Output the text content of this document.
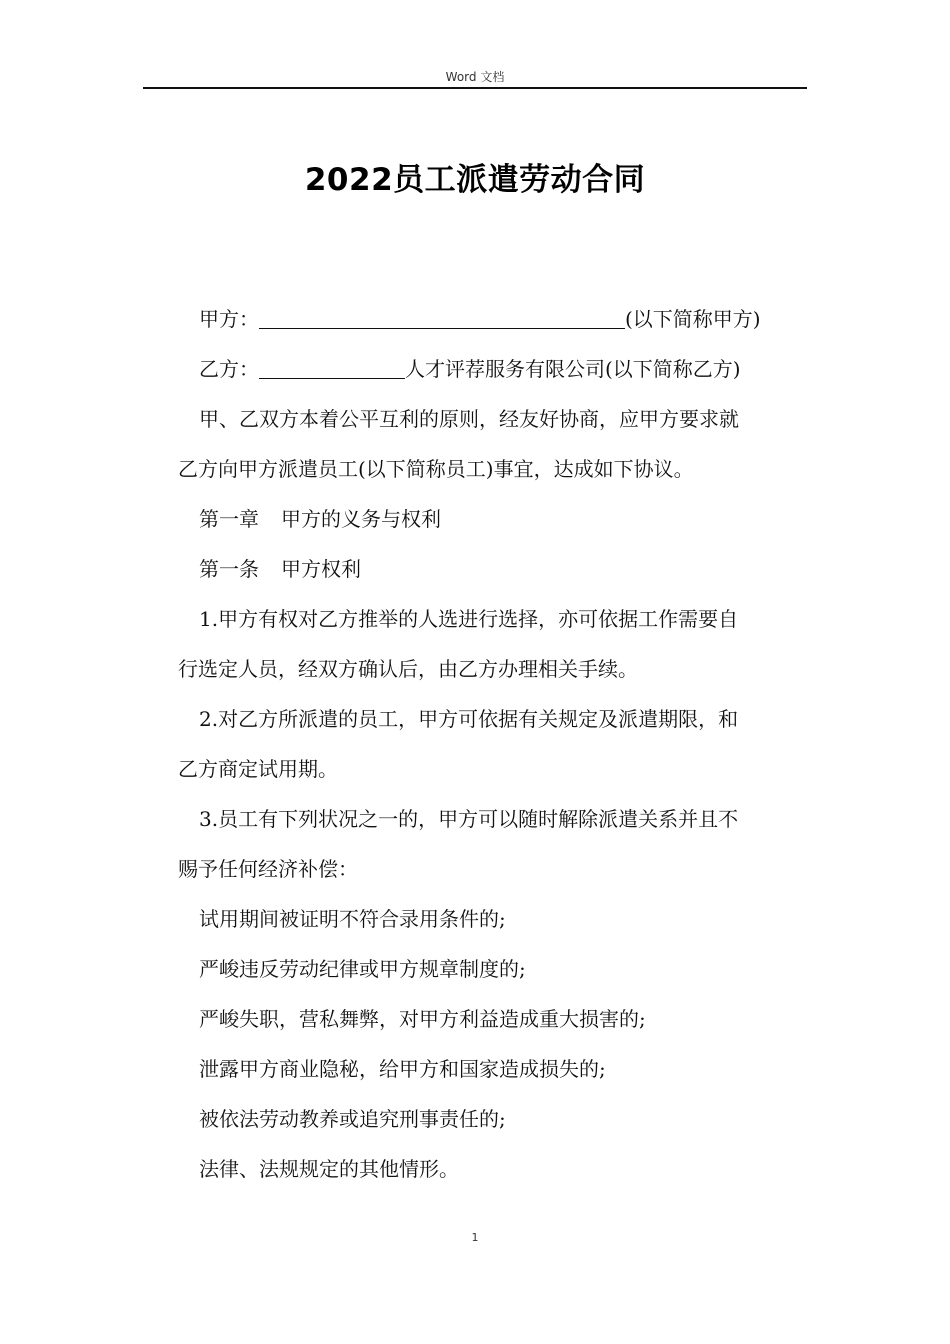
Word 文档
2022员工派遣劳动合同
甲方：	(以下简称甲方)
乙方：	人才评荐服务有限公司(以下简称乙方)
甲、乙双方本着公平互利的原则，经友好协商，应甲方要求就
乙方向甲方派遣员工(以下简称员工)事宜，达成如下协议。
第一章 甲方的义务与权利
第一条 甲方权利
1.甲方有权对乙方推举的人选进行选择，亦可依据工作需要自
行选定人员，经双方确认后，由乙方办理相关手续。
2.对乙方所派遣的员工，甲方可依据有关规定及派遣期限，和
乙方商定试用期。
3.员工有下列状况之一的，甲方可以随时解除派遣关系并且不
赐予任何经济补偿：
试用期间被证明不符合录用条件的;
严峻违反劳动纪律或甲方规章制度的;
严峻失职，营私舞弊，对甲方利益造成重大损害的;
泄露甲方商业隐秘，给甲方和国家造成损失的;
被依法劳动教养或追究刑事责任的;
法律、法规规定的其他情形。
1
